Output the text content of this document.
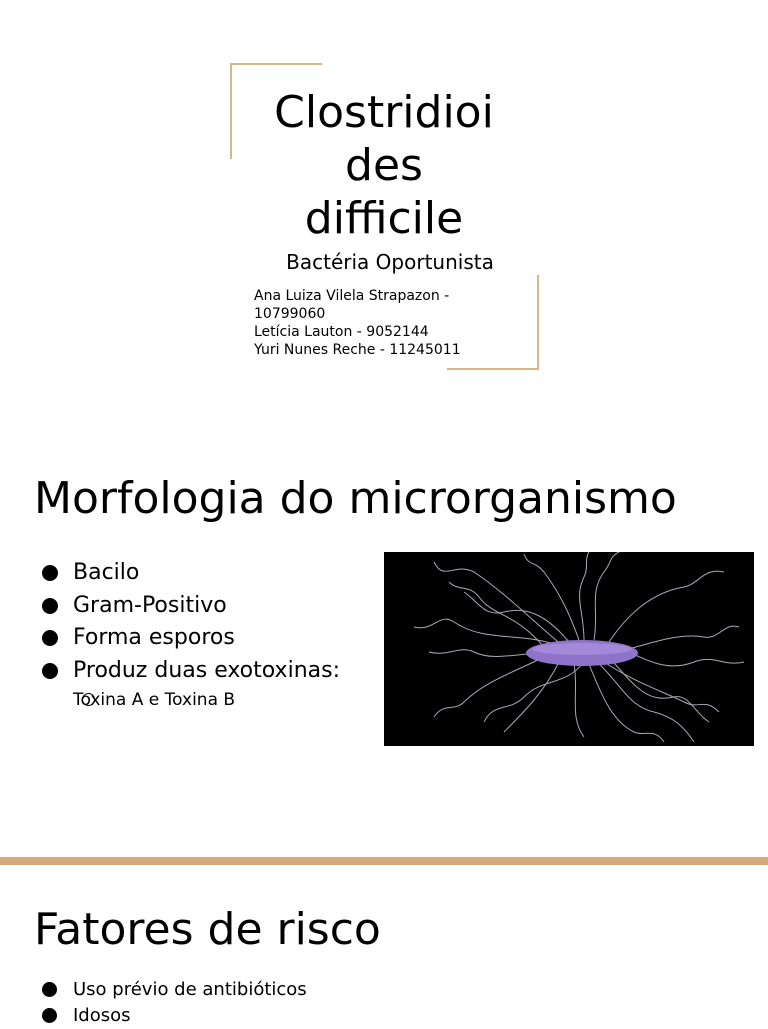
Clostridioi
des
difficile
Bactéria Oportunista
Ana Luiza Vilela Strapazon -
10799060
Letícia Lauton - 9052144
Yuri Nunes Reche - 11245011
Morfologia do microrganismo
Bacilo
Gram-Positivo
Forma esporos
Produz duas exotoxinas:
Toxina A e Toxina B
Fatores de risco
Uso prévio de antibióticos
Idosos
